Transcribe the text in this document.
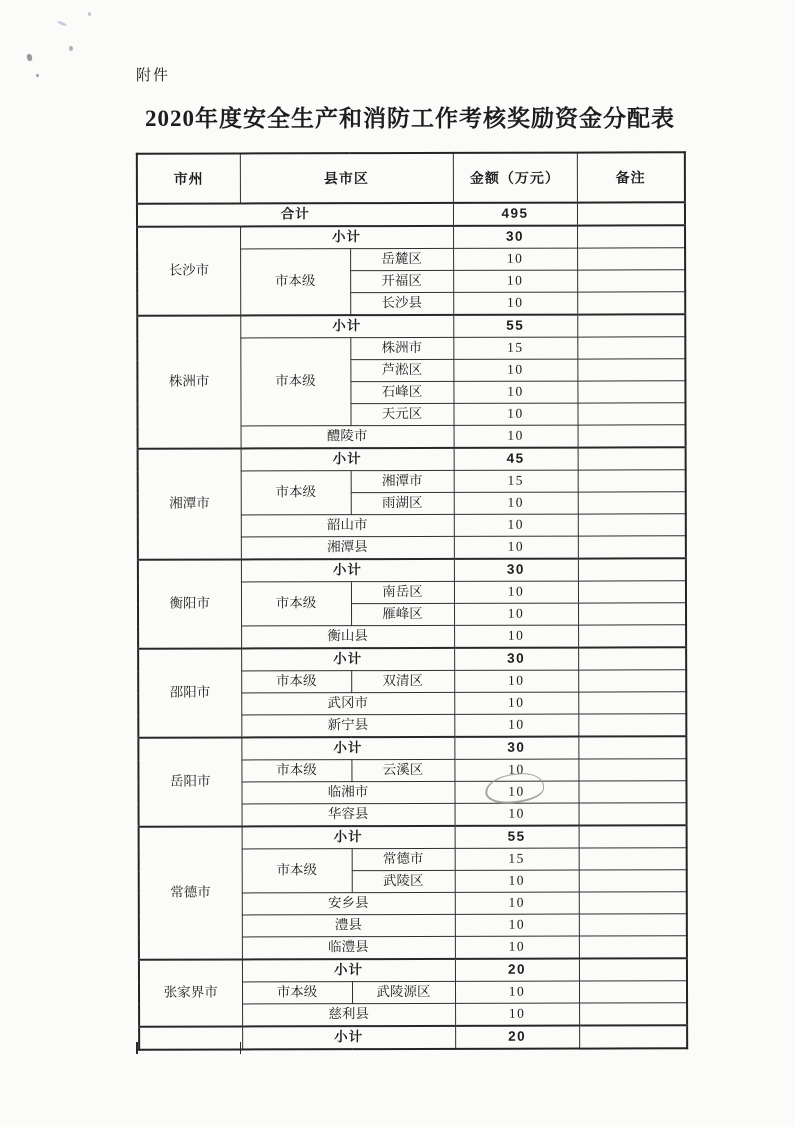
附件
2020年度安全生产和消防工作考核奖励资金分配表
市州	县市区		金额（万元）	备注
合计			495	
长沙市	小计		30	
	市本级	岳麓区	10	
		开福区	10	
		长沙县	10	
株洲市	小计		55	
	市本级	株洲市	15	
		芦淞区	10	
		石峰区	10	
		天元区	10	
	醴陵市		10	
湘潭市	小计		45	
	市本级	湘潭市	15	
		雨湖区	10	
	韶山市		10	
	湘潭县		10	
衡阳市	小计		30	
	市本级	南岳区	10	
		雁峰区	10	
	衡山县		10	
邵阳市	小计		30	
	市本级	双清区	10	
	武冈市		10	
	新宁县		10	
岳阳市	小计		30	
	市本级	云溪区	10	
	临湘市		10	
	华容县		10	
常德市	小计		55	
	市本级	常德市	15	
		武陵区	10	
	安乡县		10	
	澧县		10	
	临澧县		10	
张家界市	小计		20	
	市本级	武陵源区	10	
	慈利县		10	
	小计		20	
